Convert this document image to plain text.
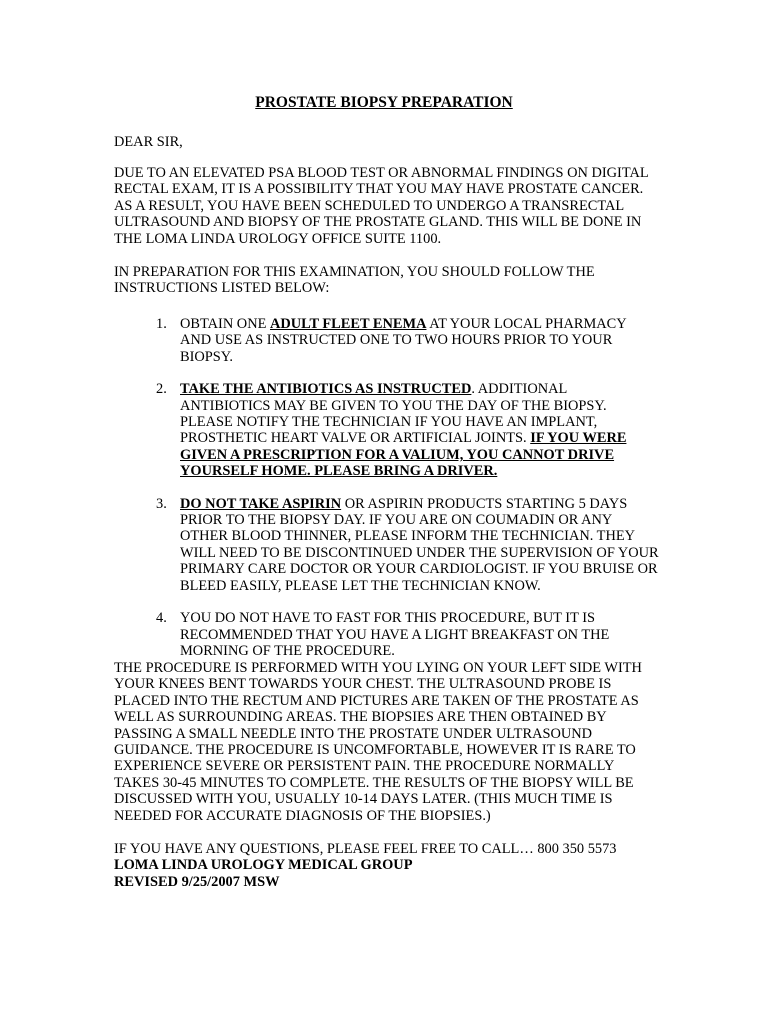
PROSTATE BIOPSY PREPARATION

DEAR SIR,

DUE TO AN ELEVATED PSA BLOOD TEST OR ABNORMAL FINDINGS ON DIGITAL RECTAL EXAM, IT IS A POSSIBILITY THAT YOU MAY HAVE PROSTATE CANCER. AS A RESULT, YOU HAVE BEEN SCHEDULED TO UNDERGO A TRANSRECTAL ULTRASOUND AND BIOPSY OF THE PROSTATE GLAND. THIS WILL BE DONE IN THE LOMA LINDA UROLOGY OFFICE SUITE 1100.

IN PREPARATION FOR THIS EXAMINATION, YOU SHOULD FOLLOW THE INSTRUCTIONS LISTED BELOW:

1. OBTAIN ONE ADULT FLEET ENEMA AT YOUR LOCAL PHARMACY AND USE AS INSTRUCTED ONE TO TWO HOURS PRIOR TO YOUR BIOPSY.
2. TAKE THE ANTIBIOTICS AS INSTRUCTED. ADDITIONAL ANTIBIOTICS MAY BE GIVEN TO YOU THE DAY OF THE BIOPSY. PLEASE NOTIFY THE TECHNICIAN IF YOU HAVE AN IMPLANT, PROSTHETIC HEART VALVE OR ARTIFICIAL JOINTS. IF YOU WERE GIVEN A PRESCRIPTION FOR A VALIUM, YOU CANNOT DRIVE YOURSELF HOME. PLEASE BRING A DRIVER.
3. DO NOT TAKE ASPIRIN OR ASPIRIN PRODUCTS STARTING 5 DAYS PRIOR TO THE BIOPSY DAY. IF YOU ARE ON COUMADIN OR ANY OTHER BLOOD THINNER, PLEASE INFORM THE TECHNICIAN. THEY WILL NEED TO BE DISCONTINUED UNDER THE SUPERVISION OF YOUR PRIMARY CARE DOCTOR OR YOUR CARDIOLOGIST. IF YOU BRUISE OR BLEED EASILY, PLEASE LET THE TECHNICIAN KNOW.
4. YOU DO NOT HAVE TO FAST FOR THIS PROCEDURE, BUT IT IS RECOMMENDED THAT YOU HAVE A LIGHT BREAKFAST ON THE MORNING OF THE PROCEDURE.

THE PROCEDURE IS PERFORMED WITH YOU LYING ON YOUR LEFT SIDE WITH YOUR KNEES BENT TOWARDS YOUR CHEST. THE ULTRASOUND PROBE IS PLACED INTO THE RECTUM AND PICTURES ARE TAKEN OF THE PROSTATE AS WELL AS SURROUNDING AREAS. THE BIOPSIES ARE THEN OBTAINED BY PASSING A SMALL NEEDLE INTO THE PROSTATE UNDER ULTRASOUND GUIDANCE. THE PROCEDURE IS UNCOMFORTABLE, HOWEVER IT IS RARE TO EXPERIENCE SEVERE OR PERSISTENT PAIN. THE PROCEDURE NORMALLY TAKES 30-45 MINUTES TO COMPLETE. THE RESULTS OF THE BIOPSY WILL BE DISCUSSED WITH YOU, USUALLY 10-14 DAYS LATER. (THIS MUCH TIME IS NEEDED FOR ACCURATE DIAGNOSIS OF THE BIOPSIES.)

IF YOU HAVE ANY QUESTIONS, PLEASE FEEL FREE TO CALL… 800 350 5573
LOMA LINDA UROLOGY MEDICAL GROUP
REVISED 9/25/2007 MSW
